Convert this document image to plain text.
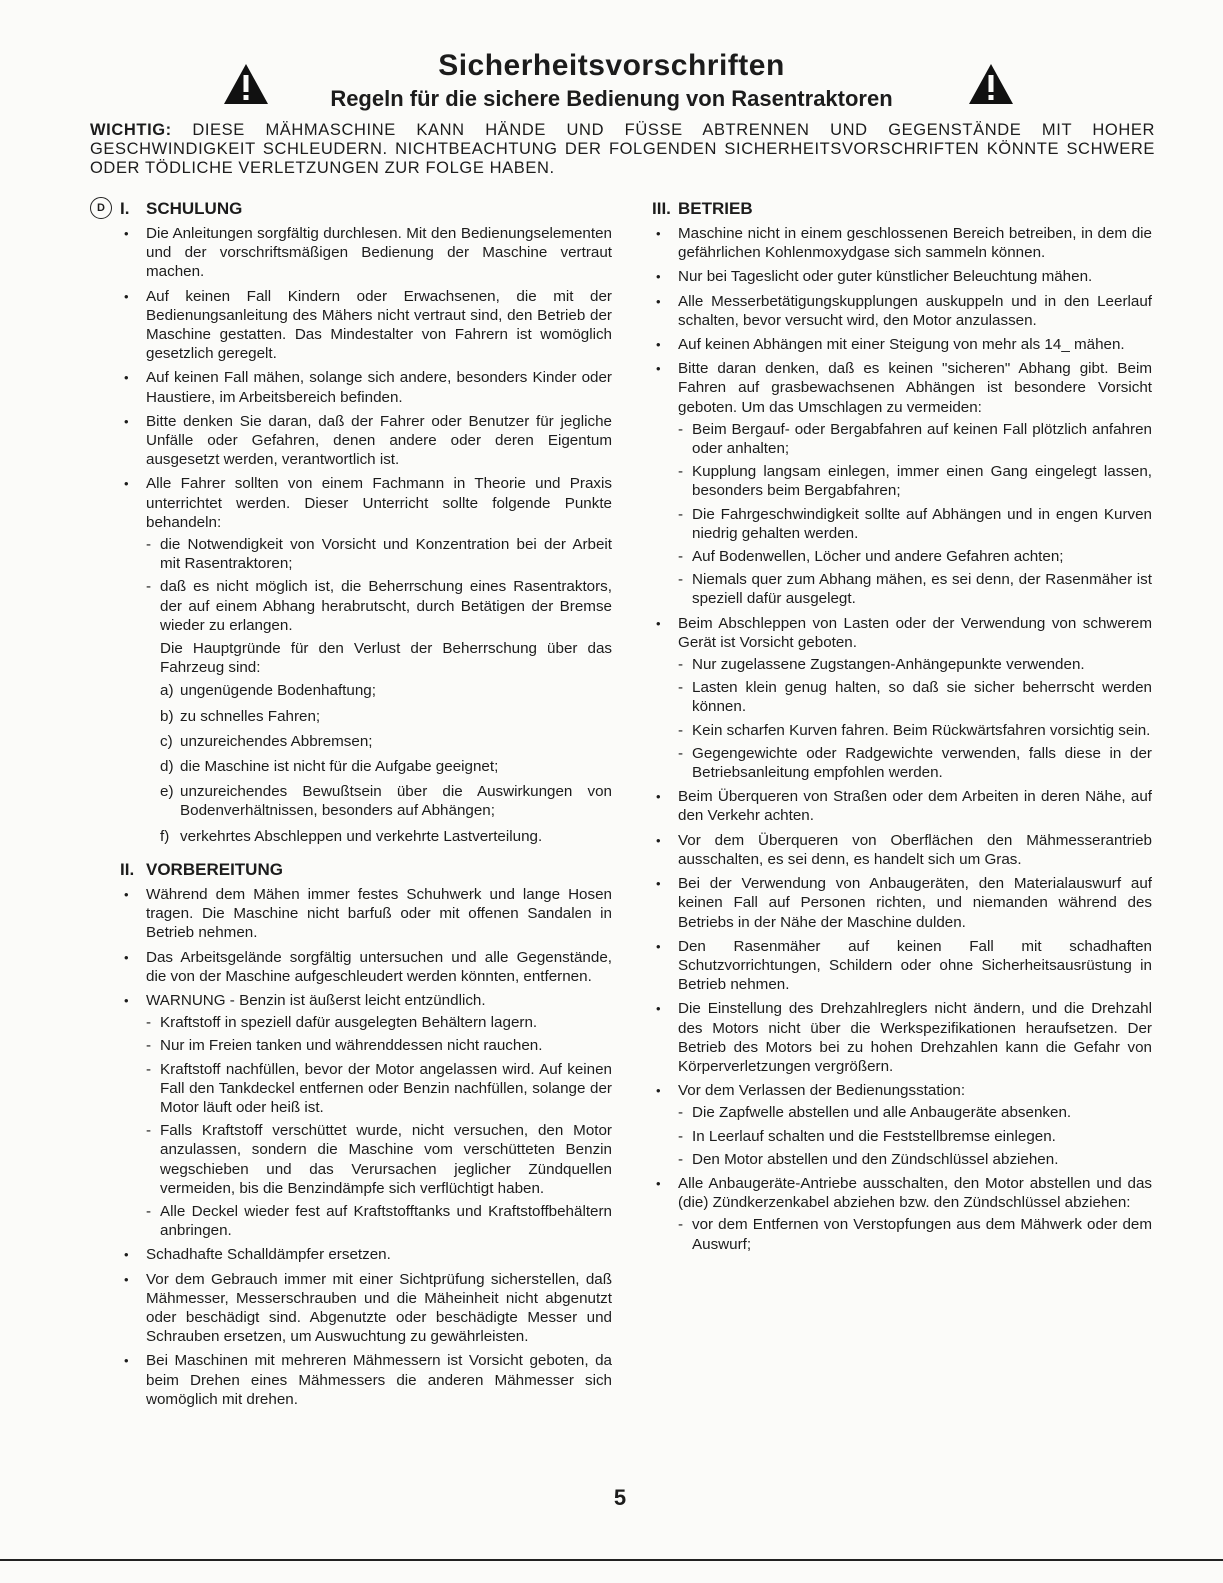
Sicherheitsvorschriften

Regeln für die sichere Bedienung von Rasentraktoren

WICHTIG: DIESE MÄHMASCHINE KANN HÄNDE UND FÜSSE ABTRENNEN UND GEGENSTÄNDE MIT HOHER GESCHWINDIGKEIT SCHLEUDERN. NICHTBEACHTUNG DER FOLGENDEN SICHERHEITSVORSCHRIFTEN KÖNNTE SCHWERE ODER TÖDLICHE VERLETZUNGEN ZUR FOLGE HABEN.

D I. SCHULUNG
• Die Anleitungen sorgfältig durchlesen. Mit den Bedienungselementen und der vorschriftsmäßigen Bedienung der Maschine vertraut machen.
• Auf keinen Fall Kindern oder Erwachsenen, die mit der Bedienungsanleitung des Mähers nicht vertraut sind, den Betrieb der Maschine gestatten. Das Mindestalter von Fahrern ist womöglich gesetzlich geregelt.
• Auf keinen Fall mähen, solange sich andere, besonders Kinder oder Haustiere, im Arbeitsbereich befinden.
• Bitte denken Sie daran, daß der Fahrer oder Benutzer für jegliche Unfälle oder Gefahren, denen andere oder deren Eigentum ausgesetzt werden, verantwortlich ist.
• Alle Fahrer sollten von einem Fachmann in Theorie und Praxis unterrichtet werden. Dieser Unterricht sollte folgende Punkte behandeln:
- die Notwendigkeit von Vorsicht und Konzentration bei der Arbeit mit Rasentraktoren;
- daß es nicht möglich ist, die Beherrschung eines Rasentraktors, der auf einem Abhang herabrutscht, durch Betätigen der Bremse wieder zu erlangen.
Die Hauptgründe für den Verlust der Beherrschung über das Fahrzeug sind:
a) ungenügende Bodenhaftung;
b) zu schnelles Fahren;
c) unzureichendes Abbremsen;
d) die Maschine ist nicht für die Aufgabe geeignet;
e) unzureichendes Bewußtsein über die Auswirkungen von Bodenverhältnissen, besonders auf Abhängen;
f) verkehrtes Abschleppen und verkehrte Lastverteilung.
II. VORBEREITUNG
• Während dem Mähen immer festes Schuhwerk und lange Hosen tragen. Die Maschine nicht barfuß oder mit offenen Sandalen in Betrieb nehmen.
• Das Arbeitsgelände sorgfältig untersuchen und alle Gegenstände, die von der Maschine aufgeschleudert werden könnten, entfernen.
• WARNUNG - Benzin ist äußerst leicht entzündlich.
- Kraftstoff in speziell dafür ausgelegten Behältern lagern.
- Nur im Freien tanken und währenddessen nicht rauchen.
- Kraftstoff nachfüllen, bevor der Motor angelassen wird. Auf keinen Fall den Tankdeckel entfernen oder Benzin nachfüllen, solange der Motor läuft oder heiß ist.
- Falls Kraftstoff verschüttet wurde, nicht versuchen, den Motor anzulassen, sondern die Maschine vom verschütteten Benzin wegschieben und das Verursachen jeglicher Zündquellen vermeiden, bis die Benzindämpfe sich verflüchtigt haben.
- Alle Deckel wieder fest auf Kraftstofftanks und Kraftstoffbehältern anbringen.
• Schadhafte Schalldämpfer ersetzen.
• Vor dem Gebrauch immer mit einer Sichtprüfung sicherstellen, daß Mähmesser, Messerschrauben und die Mäheinheit nicht abgenutzt oder beschädigt sind. Abgenutzte oder beschädigte Messer und Schrauben ersetzen, um Auswuchtung zu gewährleisten.
• Bei Maschinen mit mehreren Mähmessern ist Vorsicht geboten, da beim Drehen eines Mähmessers die anderen Mähmesser sich womöglich mit drehen.
III. BETRIEB
• Maschine nicht in einem geschlossenen Bereich betreiben, in dem die gefährlichen Kohlenmoxydgase sich sammeln können.
• Nur bei Tageslicht oder guter künstlicher Beleuchtung mähen.
• Alle Messerbetätigungskupplungen auskuppeln und in den Leerlauf schalten, bevor versucht wird, den Motor anzulassen.
• Auf keinen Abhängen mit einer Steigung von mehr als 14_ mähen.
• Bitte daran denken, daß es keinen "sicheren" Abhang gibt. Beim Fahren auf grasbewachsenen Abhängen ist besondere Vorsicht geboten. Um das Umschlagen zu vermeiden:
- Beim Bergauf- oder Bergabfahren auf keinen Fall plötzlich anfahren oder anhalten;
- Kupplung langsam einlegen, immer einen Gang eingelegt lassen, besonders beim Bergabfahren;
- Die Fahrgeschwindigkeit sollte auf Abhängen und in engen Kurven niedrig gehalten werden.
- Auf Bodenwellen, Löcher und andere Gefahren achten;
- Niemals quer zum Abhang mähen, es sei denn, der Rasenmäher ist speziell dafür ausgelegt.
• Beim Abschleppen von Lasten oder der Verwendung von schwerem Gerät ist Vorsicht geboten.
- Nur zugelassene Zugstangen-Anhängepunkte verwenden.
- Lasten klein genug halten, so daß sie sicher beherrscht werden können.
- Kein scharfen Kurven fahren. Beim Rückwärtsfahren vorsichtig sein.
- Gegengewichte oder Radgewichte verwenden, falls diese in der Betriebsanleitung empfohlen werden.
• Beim Überqueren von Straßen oder dem Arbeiten in deren Nähe, auf den Verkehr achten.
• Vor dem Überqueren von Oberflächen den Mähmesserantrieb ausschalten, es sei denn, es handelt sich um Gras.
• Bei der Verwendung von Anbaugeräten, den Materialauswurf auf keinen Fall auf Personen richten, und niemanden während des Betriebs in der Nähe der Maschine dulden.
• Den Rasenmäher auf keinen Fall mit schadhaften Schutzvorrichtungen, Schildern oder ohne Sicherheitsausrüstung in Betrieb nehmen.
• Die Einstellung des Drehzahlreglers nicht ändern, und die Drehzahl des Motors nicht über die Werkspezifikationen heraufsetzen. Der Betrieb des Motors bei zu hohen Drehzahlen kann die Gefahr von Körperverletzungen vergrößern.
• Vor dem Verlassen der Bedienungsstation:
- Die Zapfwelle abstellen und alle Anbaugeräte absenken.
- In Leerlauf schalten und die Feststellbremse einlegen.
- Den Motor abstellen und den Zündschlüssel abziehen.
• Alle Anbaugeräte-Antriebe ausschalten, den Motor abstellen und das (die) Zündkerzenkabel abziehen bzw. den Zündschlüssel abziehen:
- vor dem Entfernen von Verstopfungen aus dem Mähwerk oder dem Auswurf;
5
